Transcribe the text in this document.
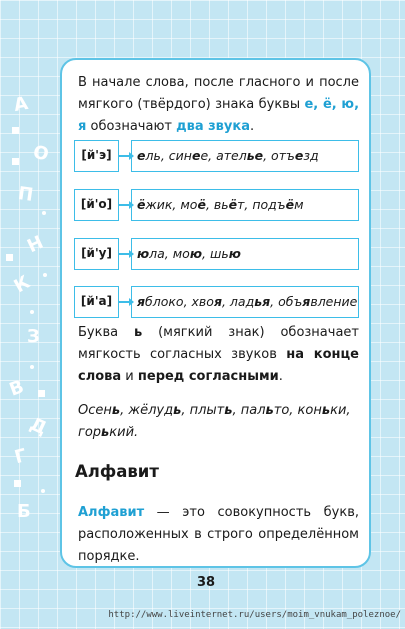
А
О
П
Н
К
З
В
Д
Г
Б

В начале слова, после гласного и после мягкого (твёрдого) знака буквы е, ё, ю, я обозначают два звука.

[й'э]	ель, синее, ателье, отъезд
[й'о]	ёжик, моё, вьёт, подъём
[й'у]	юла, мою, шью
[й'а]	яблоко, хвоя, ладья, объявление

Буква ь (мягкий знак) обозначает мягкость согласных звуков на конце слова и перед согласными.

Осень, жёлудь, плыть, пальто, коньки, горький.

Алфавит

Алфавит — это совокупность букв, расположенных в строго определённом порядке.

38
http://www.liveinternet.ru/users/moim_vnukam_poleznoe/
